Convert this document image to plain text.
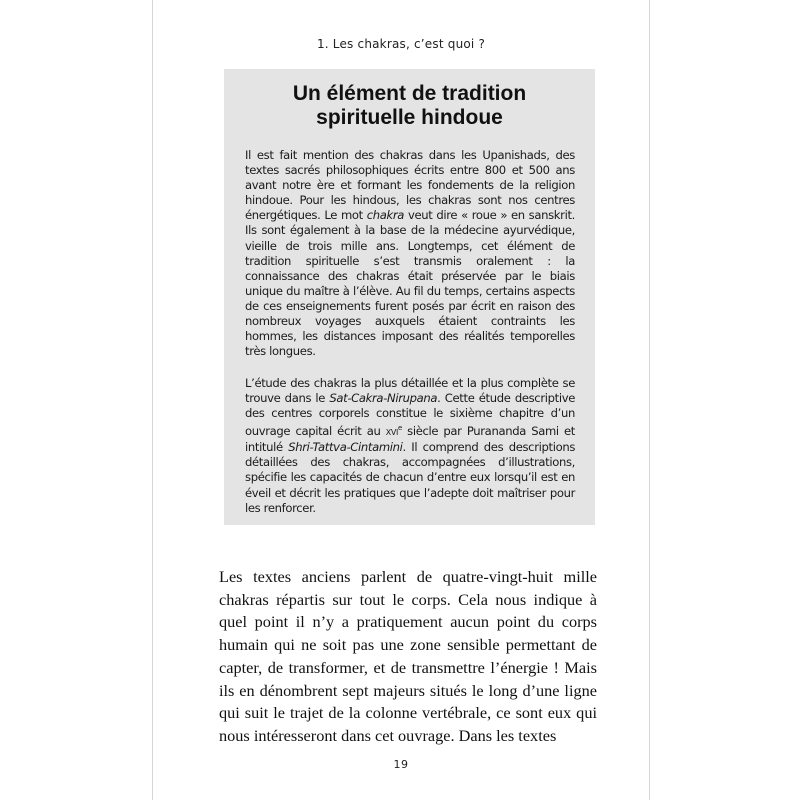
1. Les chakras, c’est quoi ?
Un élément de tradition
spirituelle hindoue

Il est fait mention des chakras dans les Upanishads, des textes sacrés philosophiques écrits entre 800 et 500 ans avant notre ère et formant les fondements de la religion hindoue. Pour les hindous, les chakras sont nos centres énergétiques. Le mot chakra veut dire « roue » en sanskrit. Ils sont également à la base de la médecine ayurvédique, vieille de trois mille ans. Longtemps, cet élément de tradition spirituelle s’est transmis oralement : la connaissance des chakras était préservée par le biais unique du maître à l’élève. Au fil du temps, certains aspects de ces enseignements furent posés par écrit en raison des nombreux voyages auxquels étaient contraints les hommes, les distances imposant des réalités temporelles très longues.

L’étude des chakras la plus détaillée et la plus complète se trouve dans le Sat-Cakra-Nirupana. Cette étude descriptive des centres corporels constitue le sixième chapitre d’un ouvrage capital écrit au XVIe siècle par Puranandа Sami et intitulé Shri-Tattva-Cintamini. Il comprend des descriptions détaillées des chakras, accompagnées d’illustrations, spécifie les capacités de chacun d’entre eux lorsqu’il est en éveil et décrit les pratiques que l’adepte doit maîtriser pour les renforcer.

Les textes anciens parlent de quatre-vingt-huit mille chakras répartis sur tout le corps. Cela nous indique à quel point il n’y a pratiquement aucun point du corps humain qui ne soit pas une zone sensible permettant de capter, de transformer, et de transmettre l’énergie ! Mais ils en dénombrent sept majeurs situés le long d’une ligne qui suit le trajet de la colonne vertébrale, ce sont eux qui nous intéresseront dans cet ouvrage. Dans les textes

19
